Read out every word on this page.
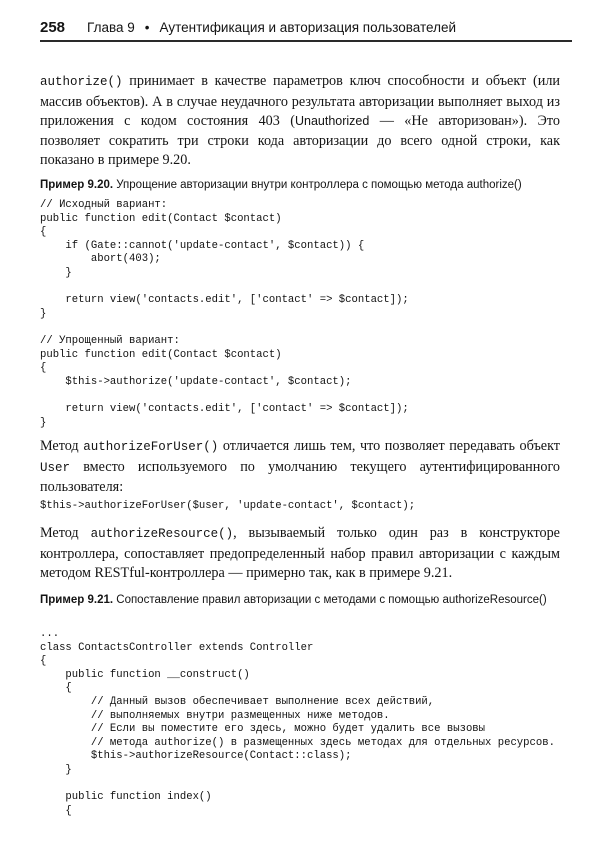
258 Глава 9 • Аутентификация и авторизация пользователей

authorize() принимает в качестве параметров ключ способности и объект (или массив объектов). А в случае неудачного результата авторизации выполняет выход из приложения с кодом состояния 403 (Unauthorized — «Не авторизован»). Это позволяет сократить три строки кода авторизации до всего одной строки, как показано в примере 9.20.

Пример 9.20. Упрощение авторизации внутри контроллера с помощью метода authorize()

// Исходный вариант:
public function edit(Contact $contact)
{
if (Gate::cannot('update-contact', $contact)) {
abort(403);
}

return view('contacts.edit', ['contact' => $contact]);
}

// Упрощенный вариант:
public function edit(Contact $contact)
{
$this->authorize('update-contact', $contact);

return view('contacts.edit', ['contact' => $contact]);
}

Метод authorizeForUser() отличается лишь тем, что позволяет передавать объект User вместо используемого по умолчанию текущего аутентифицированного пользователя:

$this->authorizeForUser($user, 'update-contact', $contact);

Метод authorizeResource(), вызываемый только один раз в конструкторе контроллера, сопоставляет предопределенный набор правил авторизации с каждым методом RESTful-контроллера — примерно так, как в примере 9.21.

Пример 9.21. Сопоставление правил авторизации с методами с помощью authorizeResource()

...
class ContactsController extends Controller
{
public function __construct()
{
// Данный вызов обеспечивает выполнение всех действий,
// выполняемых внутри размещенных ниже методов.
// Если вы поместите его здесь, можно будет удалить все вызовы
// метода authorize() в размещенных здесь методах для отдельных ресурсов.
$this->authorizeResource(Contact::class);
}

public function index()
{
